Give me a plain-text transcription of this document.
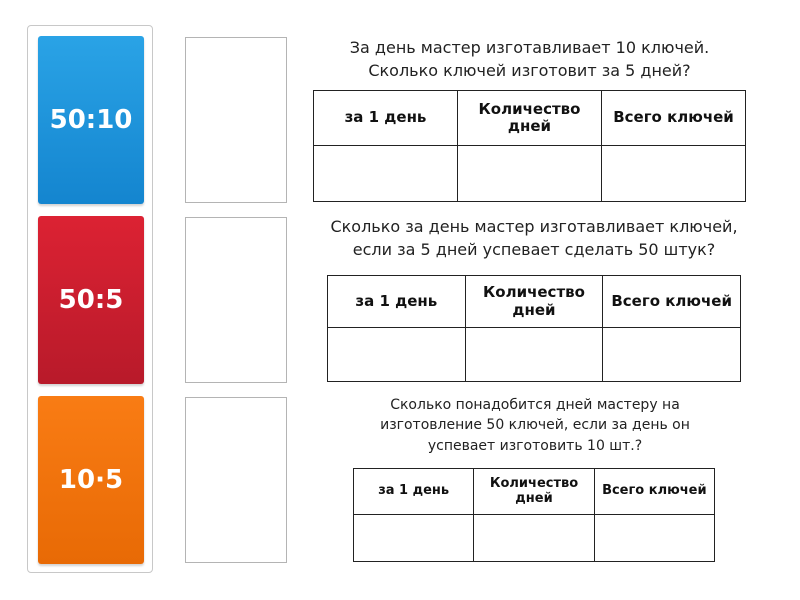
50:10
50:5
10·5
За день мастер изготавливает 10 ключей.
Сколько ключей изготовит за 5 дней?
за 1 день	Количество дней	Всего ключей

Сколько за день мастер изготавливает ключей,
если за 5 дней успевает сделать 50 штук?
за 1 день	Количество дней	Всего ключей

Сколько понадобится дней мастеру на
изготовление 50 ключей, если за день он
успевает изготовить 10 шт.?
за 1 день	Количество дней	Всего ключей
